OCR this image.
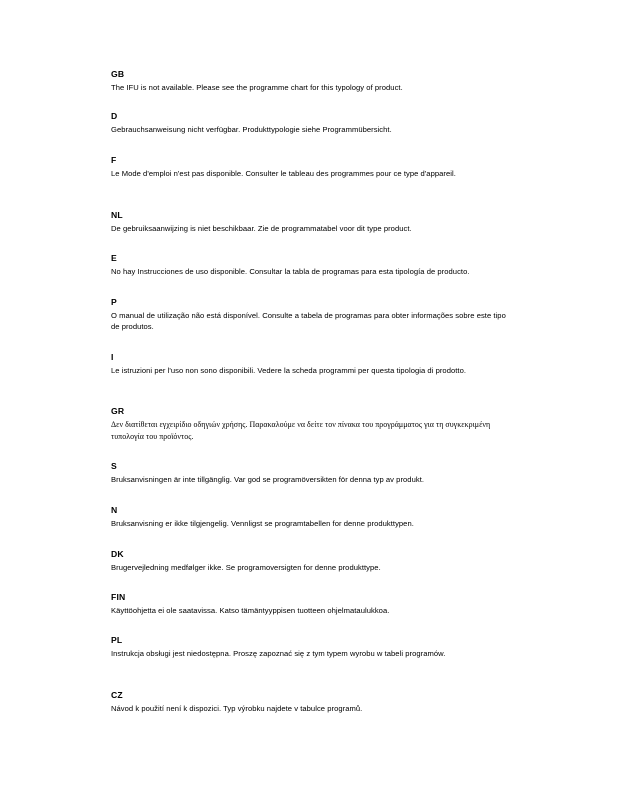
GB
The IFU is not available. Please see the programme chart for this typology of product.
D
Gebrauchsanweisung nicht verfügbar. Produkttypologie siehe Programmübersicht.
F
Le Mode d'emploi n'est pas disponible. Consulter le tableau des programmes pour ce type d'appareil.
NL
De gebruiksaanwijzing is niet beschikbaar. Zie de programmatabel voor dit type product.
E
No hay Instrucciones de uso disponible. Consultar la tabla de programas para esta tipología de producto.
P
O manual de utilização não está disponível. Consulte a tabela de programas para obter informações sobre este tipo de produtos.
I
Le istruzioni per l'uso non sono disponibili. Vedere la scheda programmi per questa tipologia di prodotto.
GR
Δεν διατίθεται εγχειρίδιο οδηγιών χρήσης. Παρακαλούμε να δείτε τον πίνακα του προγράμματος για τη συγκεκριμένη τυπολογία του προϊόντος.
S
Bruksanvisningen är inte tillgänglig. Var god se programöversikten för denna typ av produkt.
N
Bruksanvisning er ikke tilgjengelig. Vennligst se programtabellen for denne produkttypen.
DK
Brugervejledning medfølger ikke. Se programoversigten for denne produkttype.
FIN
Käyttöohjetta ei ole saatavissa. Katso tämäntyyppisen tuotteen ohjelmataulukkoa.
PL
Instrukcja obsługi jest niedostępna. Proszę zapoznać się z tym typem wyrobu w tabeli programów.
CZ
Návod k použití není k dispozici. Typ výrobku najdete v tabulce programů.
